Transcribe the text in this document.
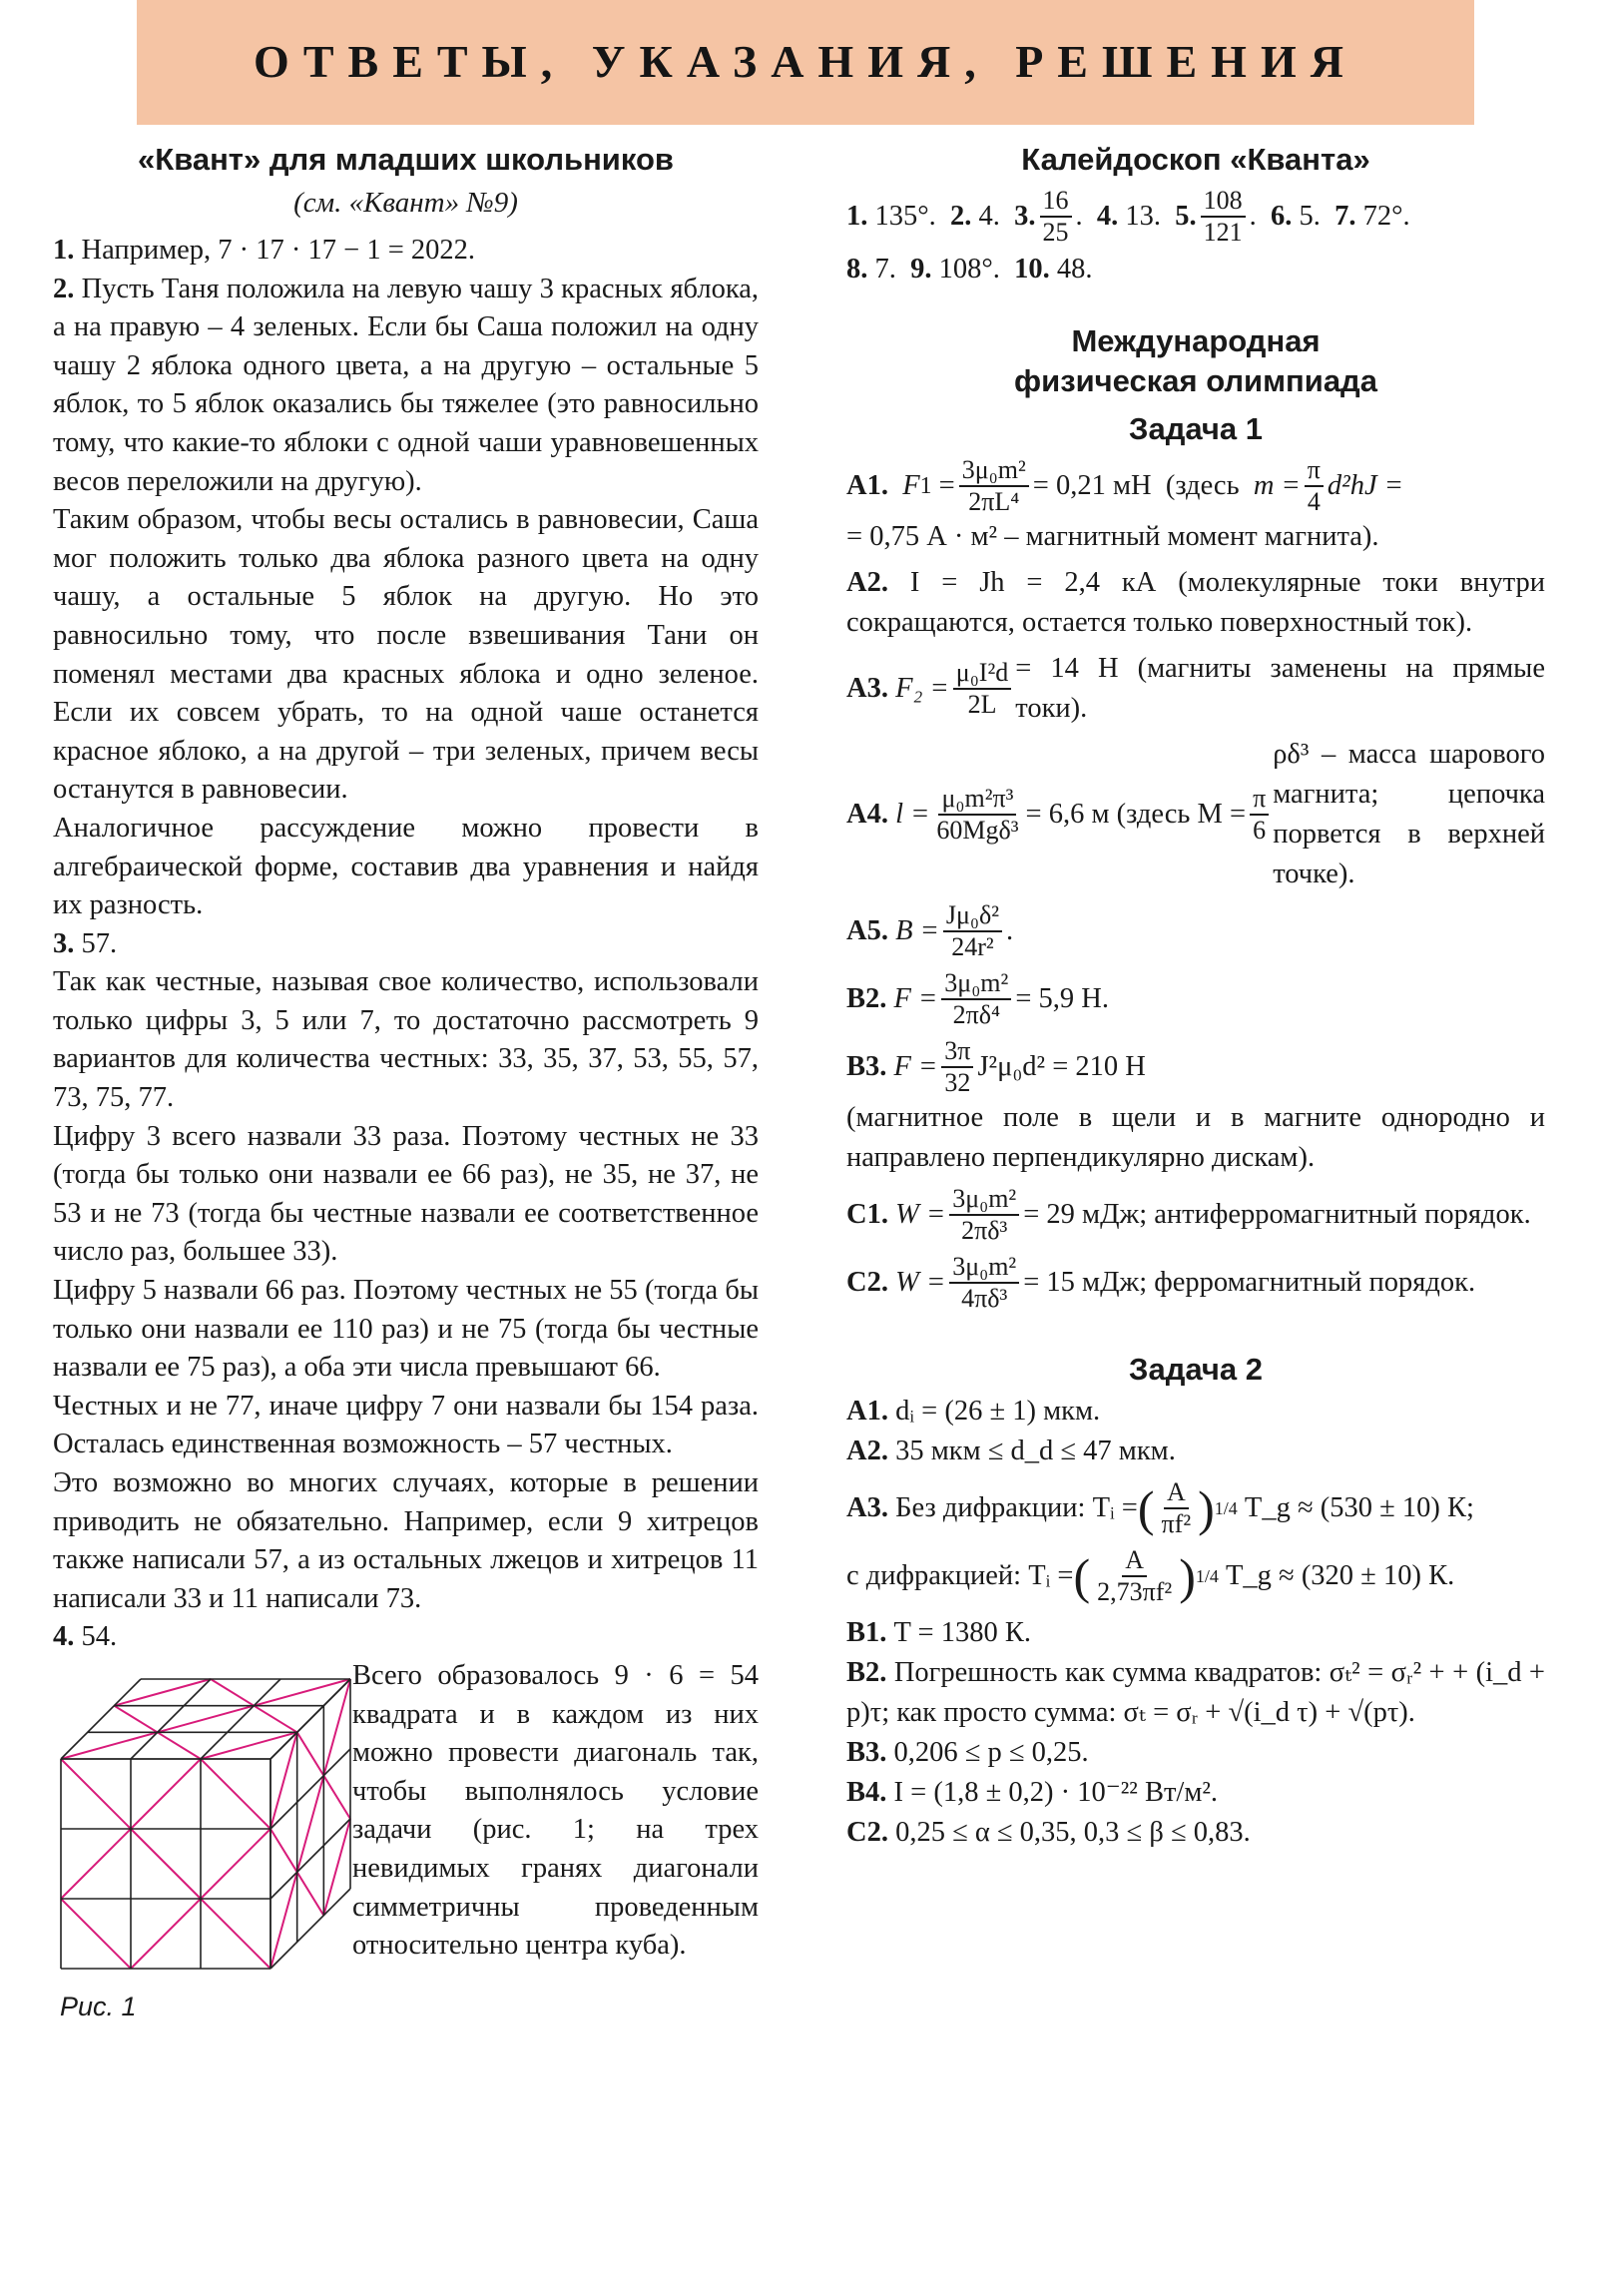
ОТВЕТЫ, УКАЗАНИЯ, РЕШЕНИЯ
«Квант» для младших школьников
(см. «Квант» №9)
1. Например, 7 · 17 · 17 − 1 = 2022.
2. Пусть Таня положила на левую чашу 3 красных яблока, а на правую – 4 зеленых. Если бы Саша положил на одну чашу 2 яблока одного цвета, а на другую – остальные 5 яблок, то 5 яблок оказались бы тяжелее (это равносильно тому, что какие-то яблоки с одной чаши уравновешенных весов переложили на другую).
Таким образом, чтобы весы остались в равновесии, Саша мог положить только два яблока разного цвета на одну чашу, а остальные 5 яблок на другую. Но это равносильно тому, что после взвешивания Тани он поменял местами два красных яблока и одно зеленое. Если их совсем убрать, то на одной чаше останется красное яблоко, а на другой – три зеленых, причем весы останутся в равновесии.
Аналогичное рассуждение можно провести в алгебраической форме, составив два уравнения и найдя их разность.
3. 57.
Так как честные, называя свое количество, использовали только цифры 3, 5 или 7, то достаточно рассмотреть 9 вариантов для количества честных: 33, 35, 37, 53, 55, 57, 73, 75, 77.
Цифру 3 всего назвали 33 раза. Поэтому честных не 33 (тогда бы только они назвали ее 66 раз), не 35, не 37, не 53 и не 73 (тогда бы честные назвали ее соответственное число раз, большее 33).
Цифру 5 назвали 66 раз. Поэтому честных не 55 (тогда бы только они назвали ее 110 раз) и не 75 (тогда бы честные назвали ее 75 раз), а оба эти числа превышают 66.
Честных и не 77, иначе цифру 7 они назвали бы 154 раза. Осталась единственная возможность – 57 честных.
Это возможно во многих случаях, которые в решении приводить не обязательно. Например, если 9 хитрецов также написали 57, а из остальных лжецов и хитрецов 11 написали 33 и 11 написали 73.
4. 54.
Рис. 1
Всего образовалось 9 · 6 = 54 квадрата и в каждом из них можно провести диагональ так, чтобы выполнялось условие задачи (рис. 1; на трех невидимых гранях диагонали симметричны проведенным относительно центра куба).
Калейдоскоп «Кванта»
1.
135°.
2.
4.
3. $\frac{16}{25}$ .
4.
13.
5. $\frac{108}{121}$ .
6.
5.
7.
72°.
8.
7.
9.
108°.
10.
48.
Международная
физическая олимпиада
Задача 1
A1.
F $1 = \frac{\text{3μ₀m²}}{\text{2πL⁴}} = 0,21$ мН
(здесь
$m = \frac{\pi}{4} d^2hJ$ =
= 0,75 А · м² – магнитный момент магнита).
A2. I = Jh = 2,4 кА (молекулярные токи внутри сокращаются, остается только поверхностный ток).
A3.
$F_2 = \frac{\text{μ₀I²d}}{2L} = 14$ Н (магниты заменены на прямые токи).
A4.
$l = \frac{\text{μ₀m²π³}}{\text{60Mgδ³}} = 6,6$ м (здесь $M = \frac{\pi}{6}$
ρδ³ – масса шарового магнита; цепочка порвется в верхней точке).
A5.
$B = \frac{\text{Jμ₀δ²}}{\text{24r²}}$ .
B2.
$F = \frac{\text{3μ₀m²}}{\text{2πδ⁴}} = 5,9$ Н.
B3.
$F = \frac{3\pi}{32} J^2\mu_0d^2 = 210$ Н

(магнитное поле в щели и в магните однородно и направлено перпендикулярно дискам).
C1.
$W = \frac{\text{3μ₀m²}}{\text{2πδ³}} = 29$ мДж; антиферромагнитный порядок.
C2.
$W = \frac{\text{3μ₀m²}}{\text{4πδ³}} = 15$ мДж; ферромагнитный порядок.
Задача 2
A1. dᵢ = (26 ± 1) мкм.
A2. 35 мкм ≤ d_d ≤ 47 мкм.
A3.
Без дифракции: Tᵢ = ( $\frac{A}{\text{πf²}}$ ) 1/4
T_g ≈ (530 ± 10) К;
с дифракцией: Tᵢ = ( $\frac{A}{\text{2,73πf²}}$ ) 1/4
T_g ≈ (320 ± 10) К.
B1. T = 1380 К.
B2. Погрешность как сумма квадратов: σₜ² = σᵣ² + + (i_d + p)τ; как просто сумма: σₜ = σᵣ + √(i_d τ) + √(pτ).
B3. 0,206 ≤ p ≤ 0,25.
B4. I = (1,8 ± 0,2) · 10⁻²² Вт/м².
C2. 0,25 ≤ α ≤ 0,35, 0,3 ≤ β ≤ 0,83.
